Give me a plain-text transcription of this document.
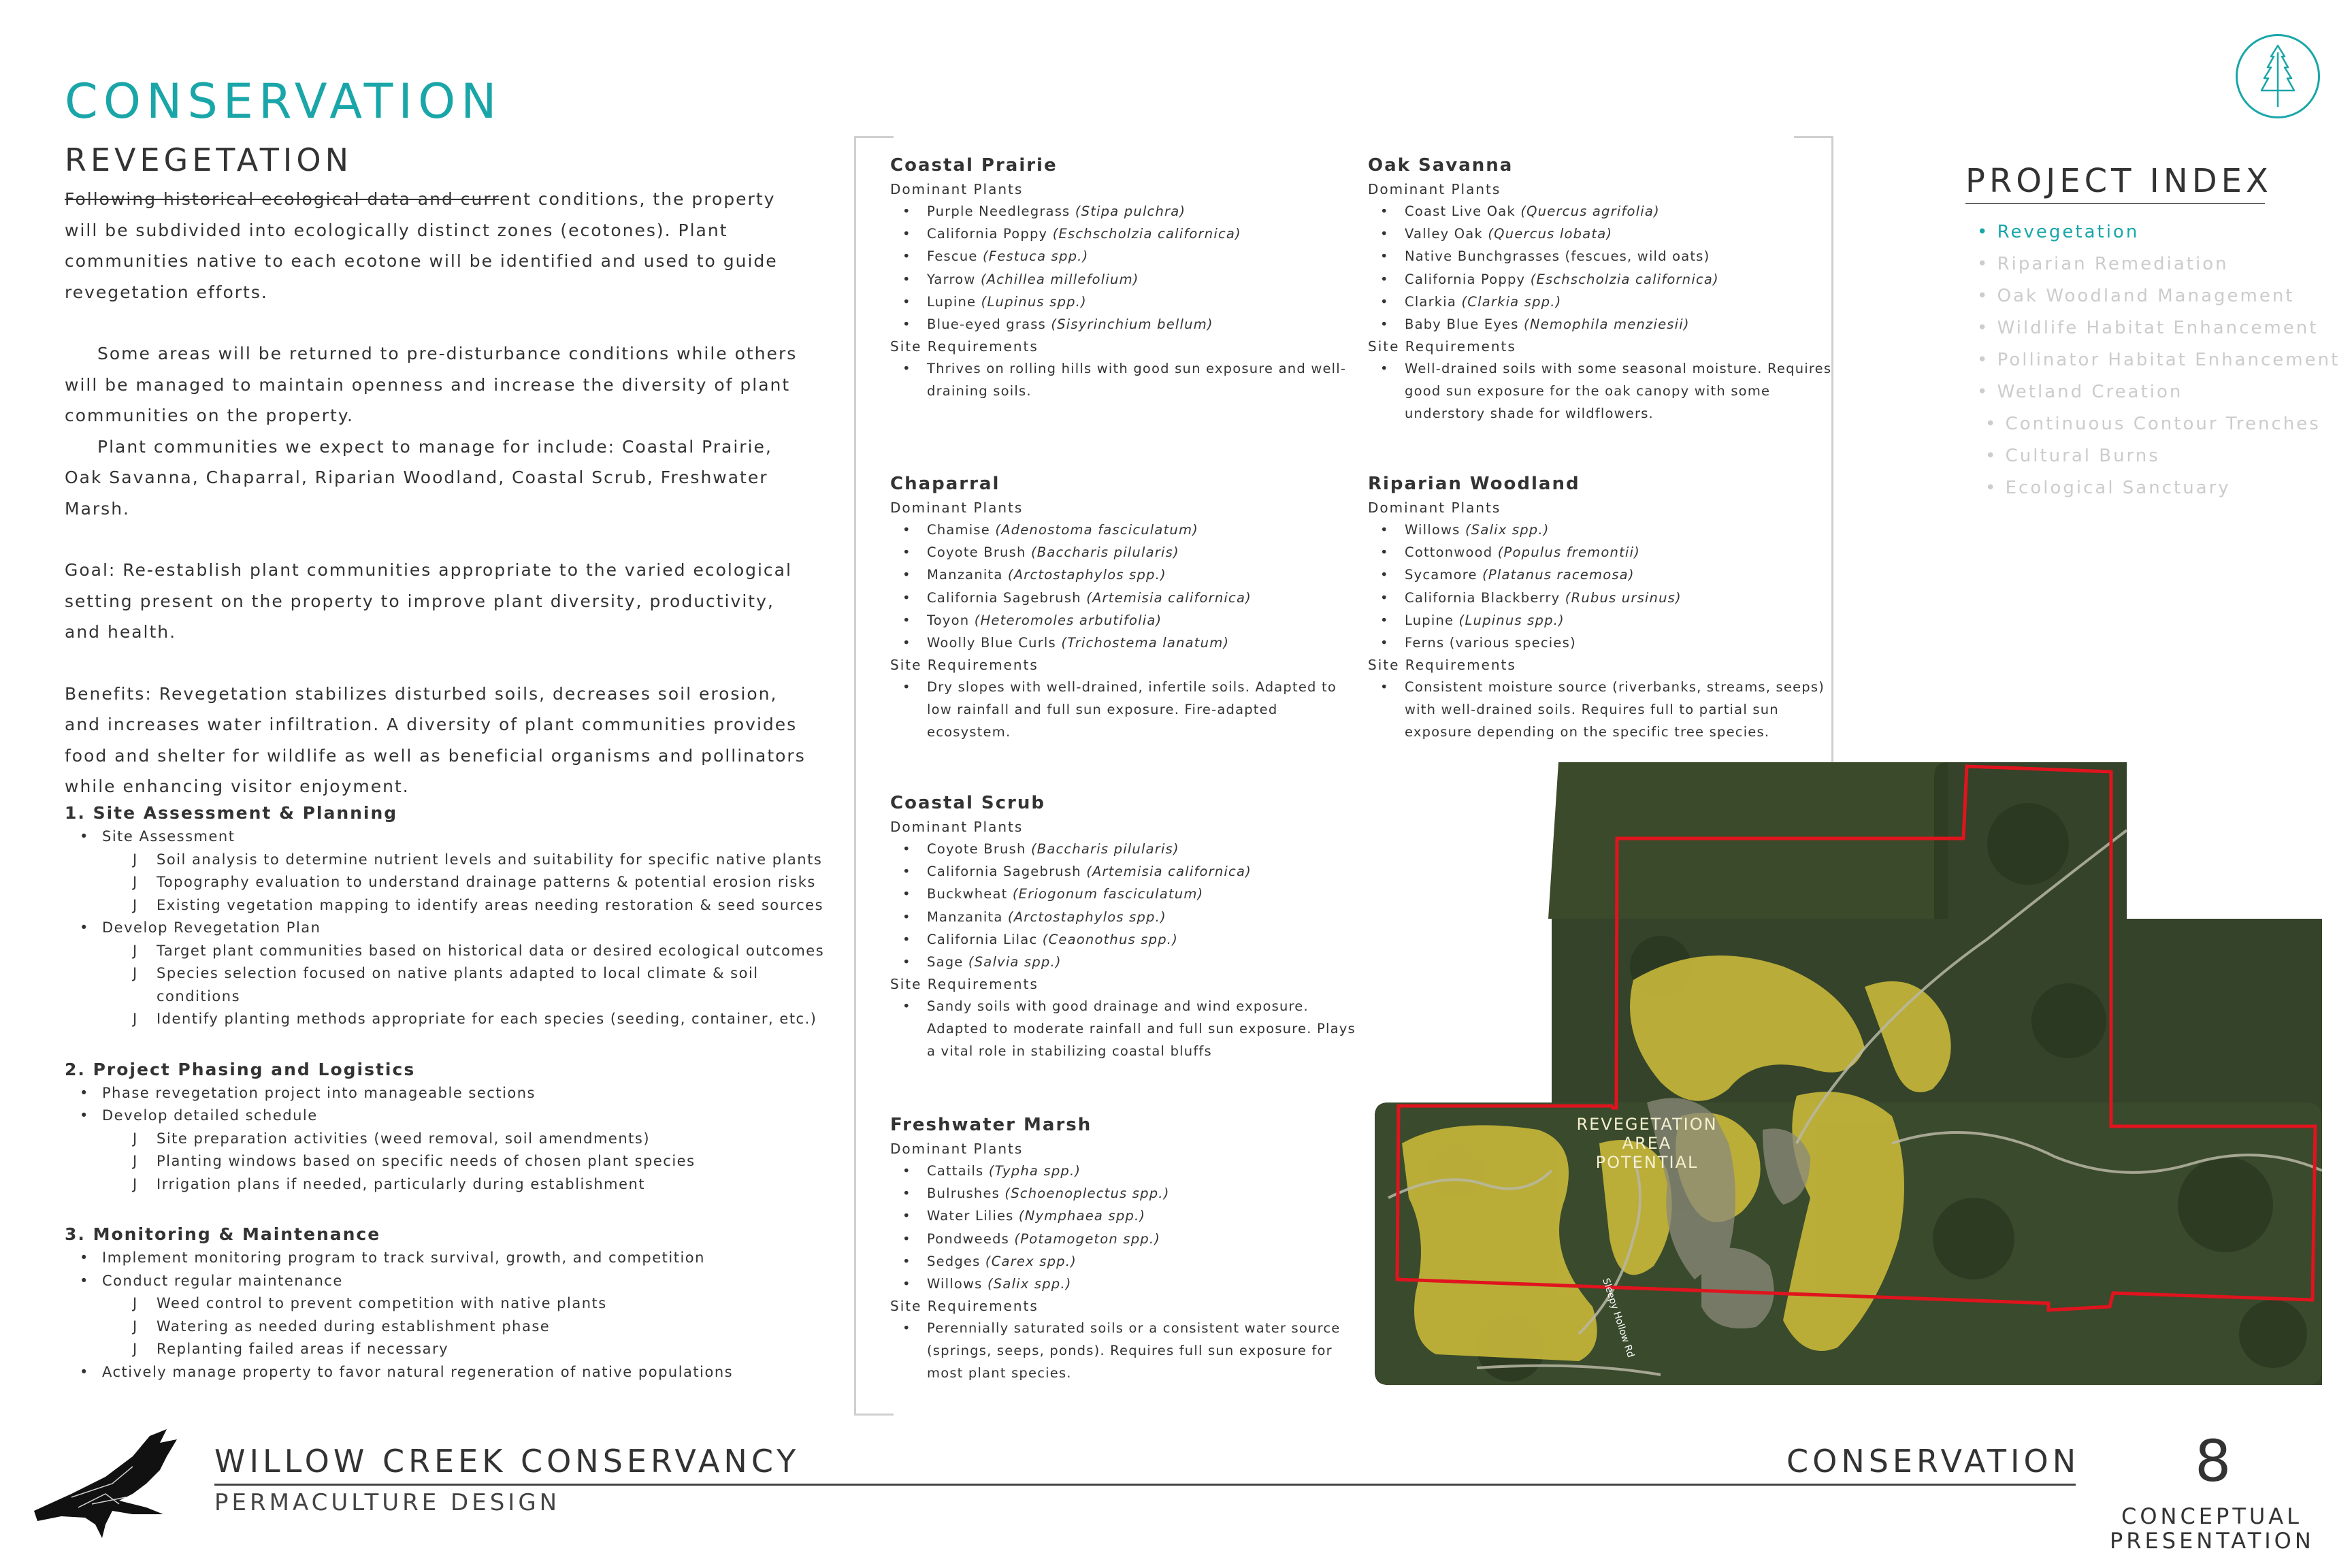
CONSERVATION
REVEGETATION

Following historical ecological data and current conditions, the property will be subdivided into ecologically distinct zones (ecotones). Plant communities native to each ecotone will be identified and used to guide revegetation efforts.

Some areas will be returned to pre-disturbance conditions while others will be managed to maintain openness and increase the diversity of plant communities on the property.

Plant communities we expect to manage for include: Coastal Prairie, Oak Savanna, Chaparral, Riparian Woodland, Coastal Scrub, Freshwater Marsh.

Goal: Re-establish plant communities appropriate to the varied ecological setting present on the property to improve plant diversity, productivity, and health.

Benefits: Revegetation stabilizes disturbed soils, decreases soil erosion, and increases water infiltration. A diversity of plant communities provides food and shelter for wildlife as well as beneficial organisms and pollinators while enhancing visitor enjoyment.

1. Site Assessment & Planning
• Site Assessment
J Soil analysis to determine nutrient levels and suitability for specific native plants
J Topography evaluation to understand drainage patterns & potential erosion risks
J Existing vegetation mapping to identify areas needing restoration & seed sources
• Develop Revegetation Plan
J Target plant communities based on historical data or desired ecological outcomes
J Species selection focused on native plants adapted to local climate & soil conditions
J Identify planting methods appropriate for each species (seeding, container, etc.)
2. Project Phasing and Logistics
• Phase revegetation project into manageable sections
• Develop detailed schedule
J Site preparation activities (weed removal, soil amendments)
J Planting windows based on specific needs of chosen plant species
J Irrigation plans if needed, particularly during establishment
3. Monitoring & Maintenance
• Implement monitoring program to track survival, growth, and competition
• Conduct regular maintenance
J Weed control to prevent competition with native plants
J Watering as needed during establishment phase
J Replanting failed areas if necessary
• Actively manage property to favor natural regeneration of native populations
Coastal Prairie
Dominant Plants
• Purple Needlegrass (Stipa pulchra)
• California Poppy (Eschscholzia californica)
• Fescue (Festuca spp.)
• Yarrow (Achillea millefolium)
• Lupine (Lupinus spp.)
• Blue-eyed grass (Sisyrinchium bellum)
Site Requirements
• Thrives on rolling hills with good sun exposure and well-draining soils.
Chaparral
Dominant Plants
• Chamise (Adenostoma fasciculatum)
• Coyote Brush (Baccharis pilularis)
• Manzanita (Arctostaphylos spp.)
• California Sagebrush (Artemisia californica)
• Toyon (Heteromoles arbutifolia)
• Woolly Blue Curls (Trichostema lanatum)
Site Requirements
• Dry slopes with well-drained, infertile soils. Adapted to low rainfall and full sun exposure. Fire-adapted ecosystem.
Coastal Scrub
Dominant Plants
• Coyote Brush (Baccharis pilularis)
• California Sagebrush (Artemisia californica)
• Buckwheat (Eriogonum fasciculatum)
• Manzanita (Arctostaphylos spp.)
• California Lilac (Ceaonothus spp.)
• Sage (Salvia spp.)
Site Requirements
• Sandy soils with good drainage and wind exposure. Adapted to moderate rainfall and full sun exposure. Plays a vital role in stabilizing coastal bluffs
Freshwater Marsh
Dominant Plants
• Cattails (Typha spp.)
• Bulrushes (Schoenoplectus spp.)
• Water Lilies (Nymphaea spp.)
• Pondweeds (Potamogeton spp.)
• Sedges (Carex spp.)
• Willows (Salix spp.)
Site Requirements
• Perennially saturated soils or a consistent water source (springs, seeps, ponds). Requires full sun exposure for most plant species.
Oak Savanna
Dominant Plants
• Coast Live Oak (Quercus agrifolia)
• Valley Oak (Quercus lobata)
• Native Bunchgrasses (fescues, wild oats)
• California Poppy (Eschscholzia californica)
• Clarkia (Clarkia spp.)
• Baby Blue Eyes (Nemophila menziesii)
Site Requirements
• Well-drained soils with some seasonal moisture. Requires good sun exposure for the oak canopy with some understory shade for wildflowers.
Riparian Woodland
Dominant Plants
• Willows (Salix spp.)
• Cottonwood (Populus fremontii)
• Sycamore (Platanus racemosa)
• California Blackberry (Rubus ursinus)
• Lupine (Lupinus spp.)
• Ferns (various species)
Site Requirements
• Consistent moisture source (riverbanks, streams, seeps) with well-drained soils. Requires full to partial sun exposure depending on the specific tree species.
PROJECT INDEX
• Revegetation
• Riparian Remediation
• Oak Woodland Management
• Wildlife Habitat Enhancement
• Pollinator Habitat Enhancement
• Wetland Creation
• Continuous Contour Trenches
• Cultural Burns
• Ecological Sanctuary
REVEGETATION
AREA
POTENTIAL
Sleepy Hollow Rd
WILLOW CREEK CONSERVANCY
PERMACULTURE DESIGN
CONSERVATION 8
CONCEPTUAL
PRESENTATION
